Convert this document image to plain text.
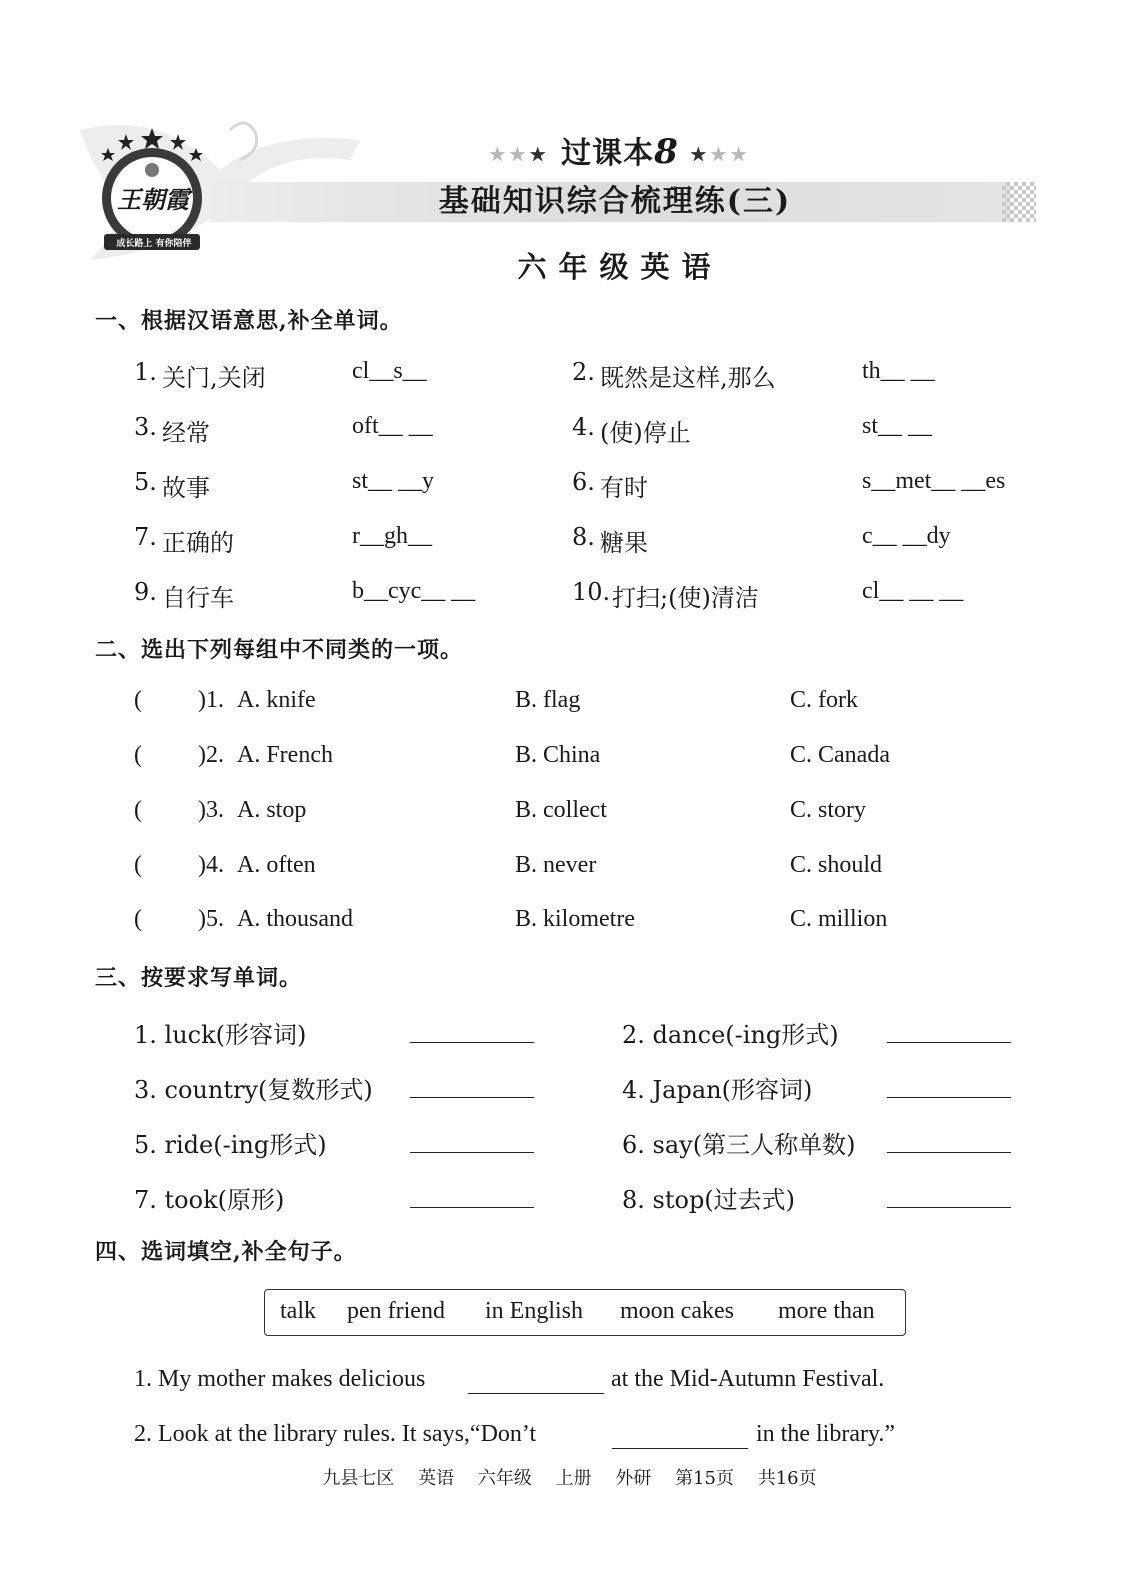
王朝霞
成长路上 有你陪伴
★★★ 过课本8 ★★★
基础知识综合梳理练(三)
六年级英语
一、根据汉语意思,补全单词。
1. 关门,关闭	cl__s__	2. 既然是这样,那么	th__ __
3. 经常	oft__ __	4. (使)停止	st__ __
5. 故事	st__ __y	6. 有时	s__met__ __es
7. 正确的	r__gh__	8. 糖果	c__ __dy
9. 自行车	b__cyc__ __	10. 打扫;(使)清洁	cl__ __ __
二、选出下列每组中不同类的一项。
( )1. A. knife	B. flag	C. fork
( )2. A. French	B. China	C. Canada
( )3. A. stop	B. collect	C. story
( )4. A. often	B. never	C. should
( )5. A. thousand	B. kilometre	C. million
三、按要求写单词。
1. luck(形容词)	2. dance(-ing形式)
3. country(复数形式)	4. Japan(形容词)
5. ride(-ing形式)	6. say(第三人称单数)
7. took(原形)	8. stop(过去式)
四、选词填空,补全句子。
talk pen friend in English moon cakes more than
1. My mother makes delicious	at the Mid-Autumn Festival.
2. Look at the library rules. It says,“Don’t	in the library.”
九县七区 英语 六年级 上册 外研 第15页 共16页
